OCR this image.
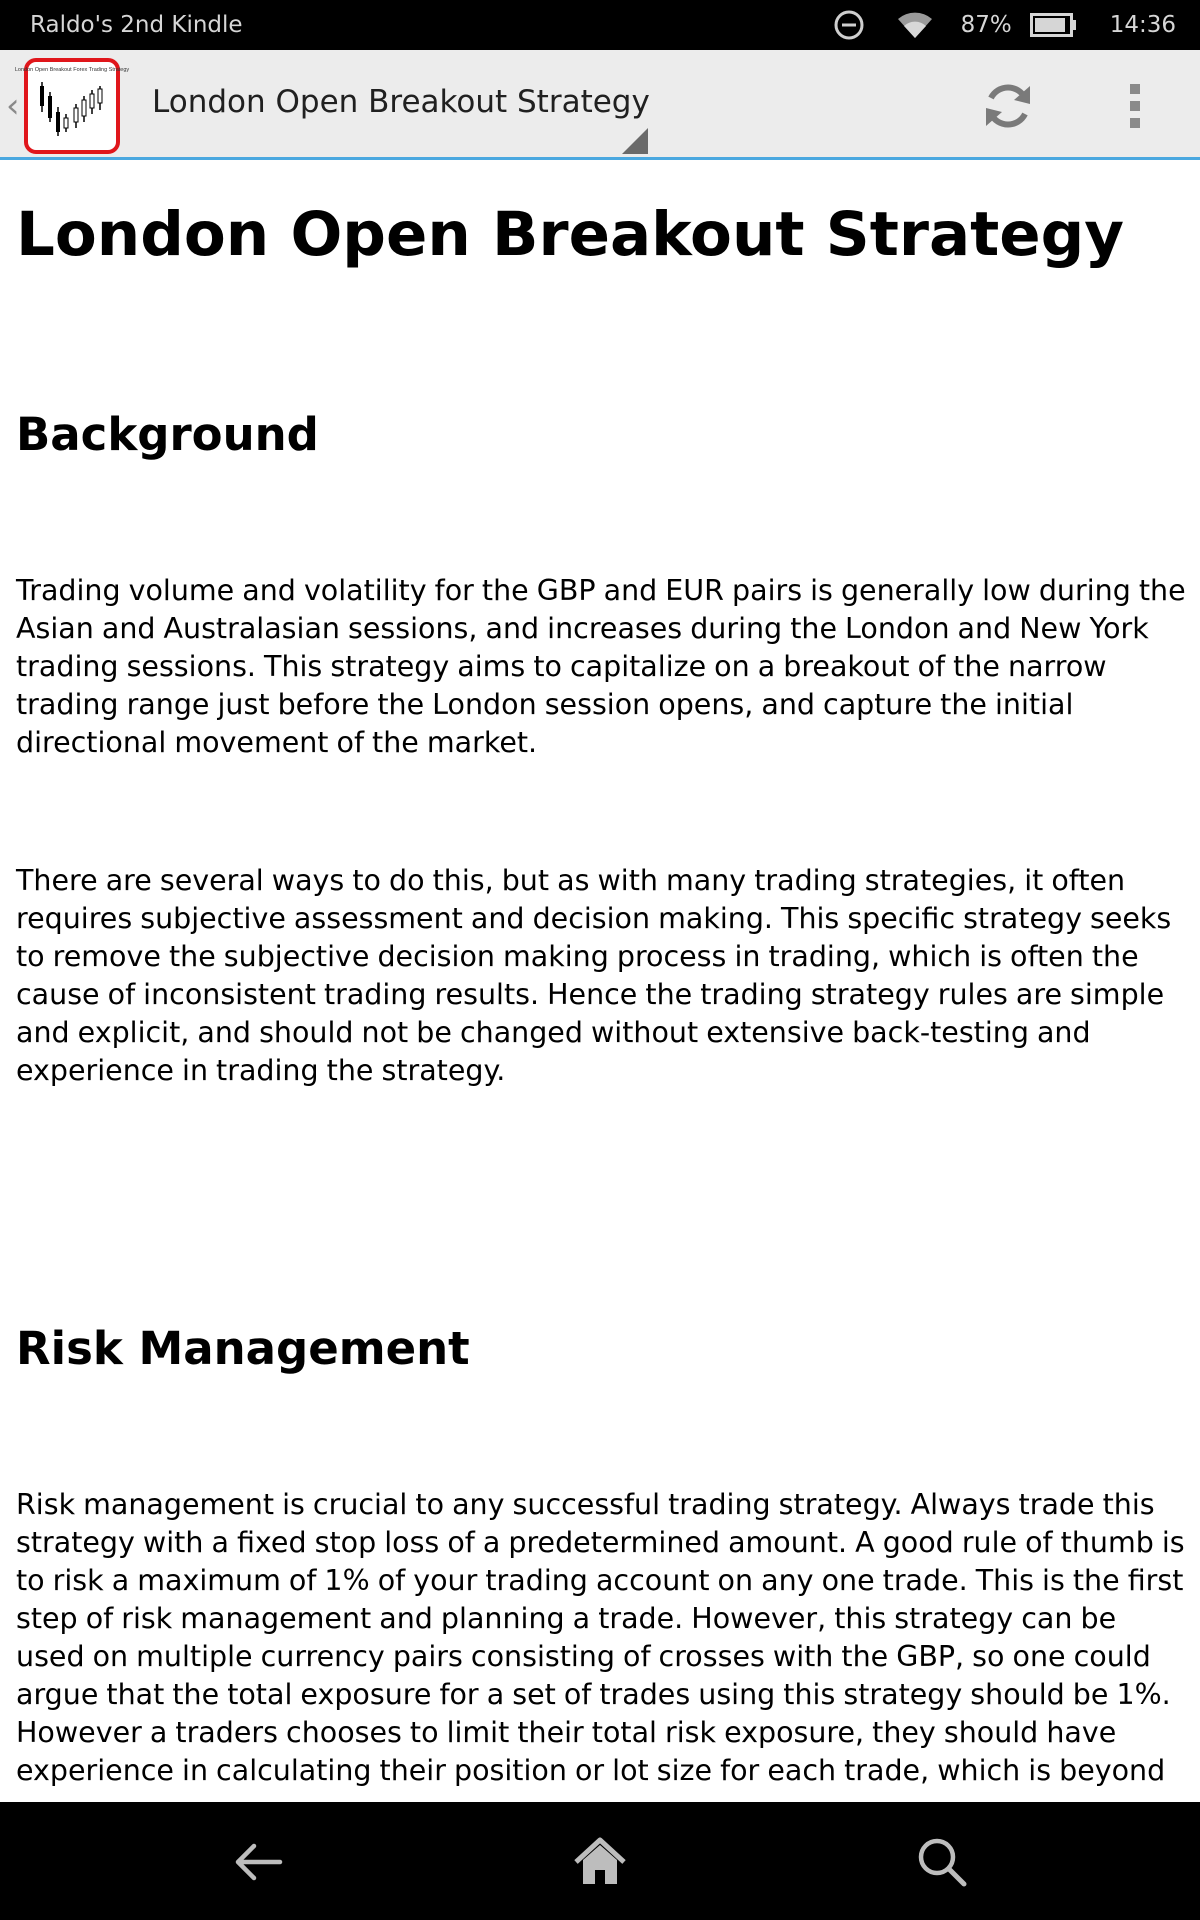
Raldo's 2nd Kindle	87%	14:36
‹
London Open Breakout Forex Trading Strategy
London Open Breakout Strategy
London Open Breakout Strategy
Background

Trading volume and volatility for the GBP and EUR pairs is generally low during the Asian and Australasian sessions, and increases during the London and New York trading sessions. This strategy aims to capitalize on a breakout of the narrow trading range just before the London session opens, and capture the initial directional movement of the market.

There are several ways to do this, but as with many trading strategies, it often requires subjective assessment and decision making. This specific strategy seeks to remove the subjective decision making process in trading, which is often the cause of inconsistent trading results. Hence the trading strategy rules are simple and explicit, and should not be changed without extensive back-testing and experience in trading the strategy.

Risk Management

Risk management is crucial to any successful trading strategy. Always trade this strategy with a fixed stop loss of a predetermined amount. A good rule of thumb is to risk a maximum of 1% of your trading account on any one trade. This is the first step of risk management and planning a trade. However, this strategy can be used on multiple currency pairs consisting of crosses with the GBP, so one could argue that the total exposure for a set of trades using this strategy should be 1%. However a traders chooses to limit their total risk exposure, they should have experience in calculating their position or lot size for each trade, which is beyond
